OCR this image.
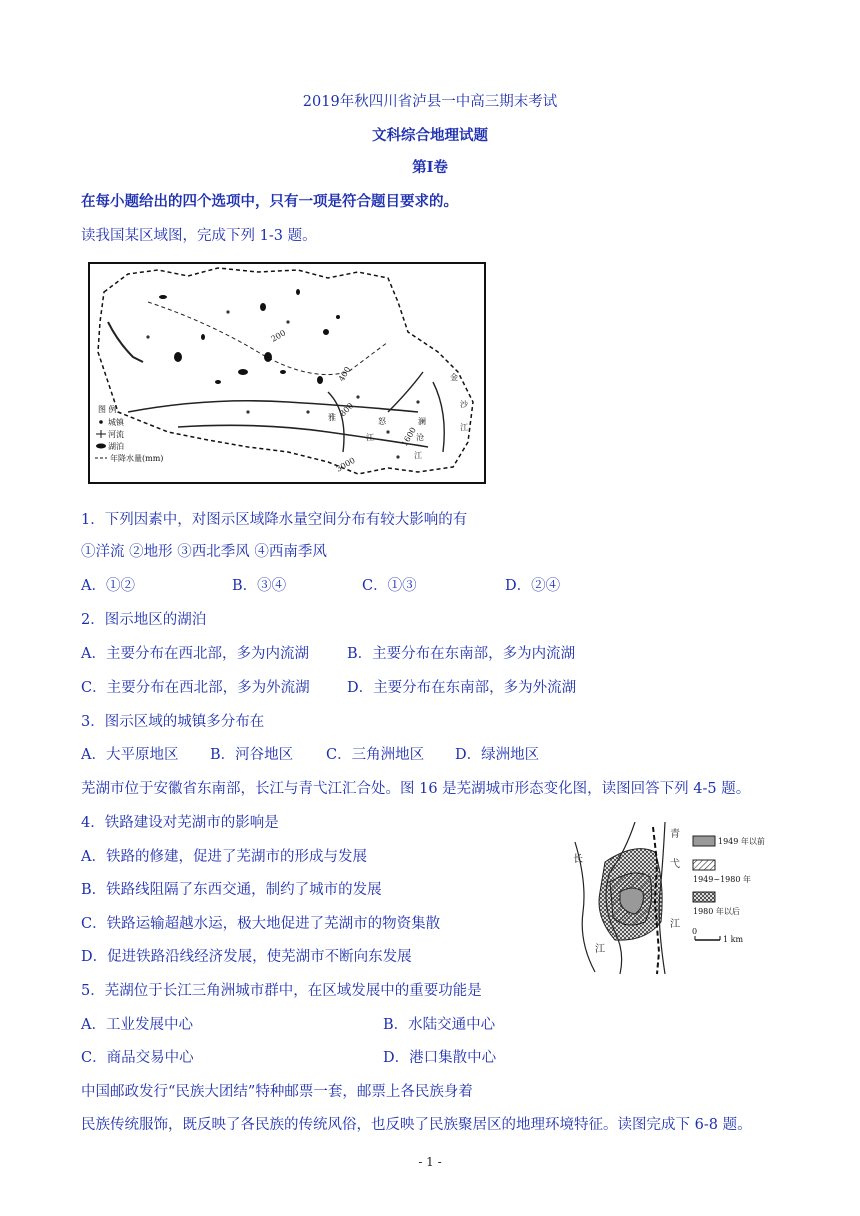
2019年秋四川省泸县一中高三期末考试
文科综合地理试题
第Ⅰ卷
在每小题给出的四个选项中，只有一项是符合题目要求的。
读我国某区域图，完成下列 1-3 题。
200
400
800
1600
3000
金
沙
江
澜
沧
江
怒
江
雅
图 例
城镇
河流
湖泊
年降水量(mm)
1．下列因素中，对图示区域降水量空间分布有较大影响的有
①洋流 ②地形 ③西北季风 ④西南季风
A．①②	B．③④	C．①③	D．②④
2．图示地区的湖泊
A．主要分布在西北部，多为内流湖	B．主要分布在东南部，多为内流湖
C．主要分布在西北部，多为外流湖	D．主要分布在东南部，多为外流湖
3．图示区域的城镇多分布在
A．大平原地区 B．河谷地区 C．三角洲地区 D．绿洲地区
芜湖市位于安徽省东南部，长江与青弋江汇合处。图 16 是芜湖城市形态变化图，读图回答下列 4-5 题。
4．铁路建设对芜湖市的影响是
A．铁路的修建，促进了芜湖市的形成与发展
B．铁路线阻隔了东西交通，制约了城市的发展
C．铁路运输超越水运，极大地促进了芜湖市的物资集散
D．促进铁路沿线经济发展，使芜湖市不断向东发展
长
江
青
弋
江
1949 年以前
1949~1980 年
1980 年以后
0
1 km
5．芜湖位于长江三角洲城市群中，在区域发展中的重要功能是
A．工业发展中心	B．水陆交通中心
C．商品交易中心	D．港口集散中心
中国邮政发行“民族大团结”特种邮票一套，邮票上各民族身着
民族传统服饰，既反映了各民族的传统风俗，也反映了民族聚居区的地理环境特征。读图完成下 6-8 题。
- 1 -
